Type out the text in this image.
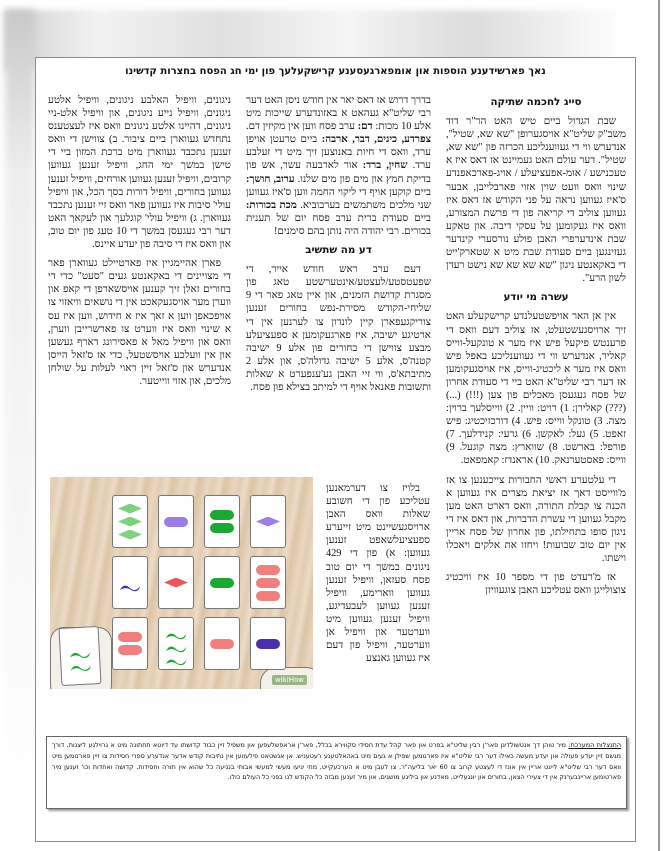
נאך פארשידענע הוספות און אומפארגעסענע קרישקעלעך פון ימי חג הפסח בחצרות קדשינו
סייג לחכמה שתיקה

שבת הגדול ביים טיש האט הר"ר דוד משב"ק שליט"א אויסגערופן "שא שא, שטיל", אנדערש ווי די געווענליכע הכרזה פון "שא שא, שטיל". דער עולם האט געמיינט אז דאס איז א טעכנישע / אומ-אפעציעלע / אויג-פארכאפנדע שינוי וואס וועט שוין אזוי פארבלייבן, אבער ס'איז געווען נראה על פני הקודש אז דאס איז געווען צוליב די קריאה פון די פרשת המצורע, וואס איז געקומען על עסקי דיבה. און טאקע שבת אינדערפרי האבן פולע נורסערי קינדער געזינגען ביים סעודת שבת מיט א שטארק'ייט די באקאנטע ניגון "שא שא שא שא נישט רעדן לשון הרע".

עשרה מי יודע

אין אן האר אויפשטעלנדע קרישקעלע האט זיך ארויסגעשטעלט, אז צוליב דעם וואס די פרענטש פיקעל פיש איז מער א טונקעל-ווייס קאליר, אנדערש ווי די געווענליכע באפל פיש וואס איז מער א ליכטיג-ווייס, איז אויסגעקומען אז דער רבי שליט"א האט ביי די סעודת אחרון של פסח געגעסן מאכלים פון צען (!!!) (...) (???) קאלירן: 1) רויט: וויין. 2) ווייסלעך ברוין: מצה. 3) טונקל ווייס: פיש. 4) דורכזיכטיג: פיש זאפט. 5) געל: לאקשן. 6) גרעי: קנידלעך. 7) פורפל: בארשט. 8) שווארץ: מצה קוגעל. 9) ווייס: פאסטערנאק. 10) אראנדז: קאמפאט.

די עלטערע ראשי החבורות צייכענען צו אז מ'ווייסט דאך אז יציאת מצרים איז געווען א הכנה צו קבלת התורה, וואס דארט האט מען מקבל געווען די עשרת הדברות, און דאס איז די ניגון סופו בתחילתו, פון אחרון של פסח אריין אין יום טוב שבועות! ויחזו את אלקים ויאכלו וישתו.

אז מ'רעדט פון די מספר 10 איז וויכטיג צוצולייגן וואס עטליכע האבן צוגעוויזן

בדרך דרוש אז דאס יאר אין חודש ניסן האט דער רבי שליט"א געהאט א באזונדערע שייכות מיט אלע 10 מכות: דם: ערב פסח ווען אין מקיזין דם. צפרדע, כינים, דבר, ארבה: ביים טרעטן אויפן ערד, וואס די חיות באנוצען זיך מיט די זעלבע ערד. שחין, ברד: אור לארבעה עשר, אש פון בדיקת חמץ און מים פון מים שלנו. ערוב, חושך: ביים קוקען אויף די ליקוי החמה ווען ס'איז געווען שני מלכים משתמשים בערבוביא. מכת בכורות: ביים סעודת ברית ערב פסח יום של תענית בכורים. רבי יהודה היה נותן בהם סימנים!

דע מה שתשיב

דעם ערב ראש חודש אייר, די שפעטסטע/לעצטע/אינטערשטע טאג פון מסגרת קדושת הזמנים, און איין טאג פאר די 9 שליחי-הקודש מסירת-נפש בחורים זענען צוריקגעפארן קיין לונדון צו לערנען אין די ארטיגע ישיבה, איז פארגעקומען א ספעציעלע מבצע צווישן די בחורים פון אלע 9 ישיבה קטנה'ס, אלע 5 ישיבה גדולה'ס, און אלע 2 מתיבתא'ס, ווי זיי האבן גע'ענפערט א שאלות ותשובות פאנאל אויף די למיתב בצילא פון פסח.

בלויז צו דערמאנען עטליכע פון די חשובע שאלות וואס האבן ארויסגעשיינט מיט זייערע ספעציעלשאפט זענען געווען: א) פון די 429 ניגונים במשך די יום טוב פסח סעזאן, וויפיל זענען געווען ווארימע, וויפיל זענען געווען לעבעדיגע, וויפיל זענען געווען מיט ווערטער און וויפיל אן ווערטער, וויפיל פון דעם איז געווען גאנצע

ניגונים, וויפיל האלבע ניגונים, וויפיל אלטע ניגונים, וויפיל נייע ניגונים, און וויפיל אלט-ניי ניגונים, דהיינו אלטע ניגונים וואס איז לעצטענס נתחדש געווארן ביים ציבור. ב) צווישן די וואס זענען נתכבד געווארן מיט ברכת המזון ביי די טישן במשך ימי החג, וויפיל זענען געווען קרובים, וויפיל זענען געווען אורחים, וויפיל זענען געווען בחורים, וויפיל דורות בסך הכל, און וויפיל עולי' סיבות איז געווען פאר וואס זיי זענען נתכבד געווארן. ג) וויפיל עולי' קוגלעך און לעקאך האט דער רבי געגעסן במשך די 10 טעג פון יום טוב, און וואס איז די סיבה פון יעדע איינס.

פארן אהיימגיין איז פארטיילט געווארן פאר די מצויינים די באקאנטע געים "סעט" כדי די בחורים זאלן זיך קענען אויסשארפן די קאפ און ווערן מער אויסגעקאכט אין די נושאים וויאזוי צו אויפכאפן ווען א זאך איז א חידוש, ווען איז עס א שינוי וואס איז ווערט צו פארשרייבן ווערן, וואס און וויפיל מאל א פאסירונג דארף געשען און אין וועלכע אויסשטעל, כדי אז ס'זאל הייסן אנדערש און ס'זאל זיין ראוי לעלות על שולחן מלכים, און אזוי ווייטער.

wikiHow
התנצלות המערכת: מיר טוהן דך אנטשולדיגן פאר'ן רבין שליט"א בפרט און פאר קהל עדת חסידי סקווירא בכלל, פאר'ן אראפשלעפען און משפיל זיין כבוד קדושתו עד דיוטא תחתונה מיט א גרוילגע ליצנות, דורך מגשם זיין יעדע פעולה און יעדע מעשה כאילו דער רבי שליט"א איז פארנומען שפילן א געים מיט באהאלטענע רעטעניש. אן אנשטאט פילעווען אין נתיבות קודש אדער אנדערע ספרי חסידות צו זיין פארנומען מיט וואס דער רבי שליט"א לייגט אריין אין אונז די לעצטע קרוב צו 60 יאר בליעה"ר, צו לעבן מיט א הערכעקייט, מתי יגיעו מעשי למעשי אבותי בנגיעה כל שהוא אין תורה וחסידות, קדושה ואחדות וכו' זענען מיר פארטומען אריינבערנק אין די צעירי הצאן, בחורים און יונגעלייט, מאדנע און ביליגע מושגים, און מיר זענען מבזה כל הקודש לנו בפני כל העולם כולו.
